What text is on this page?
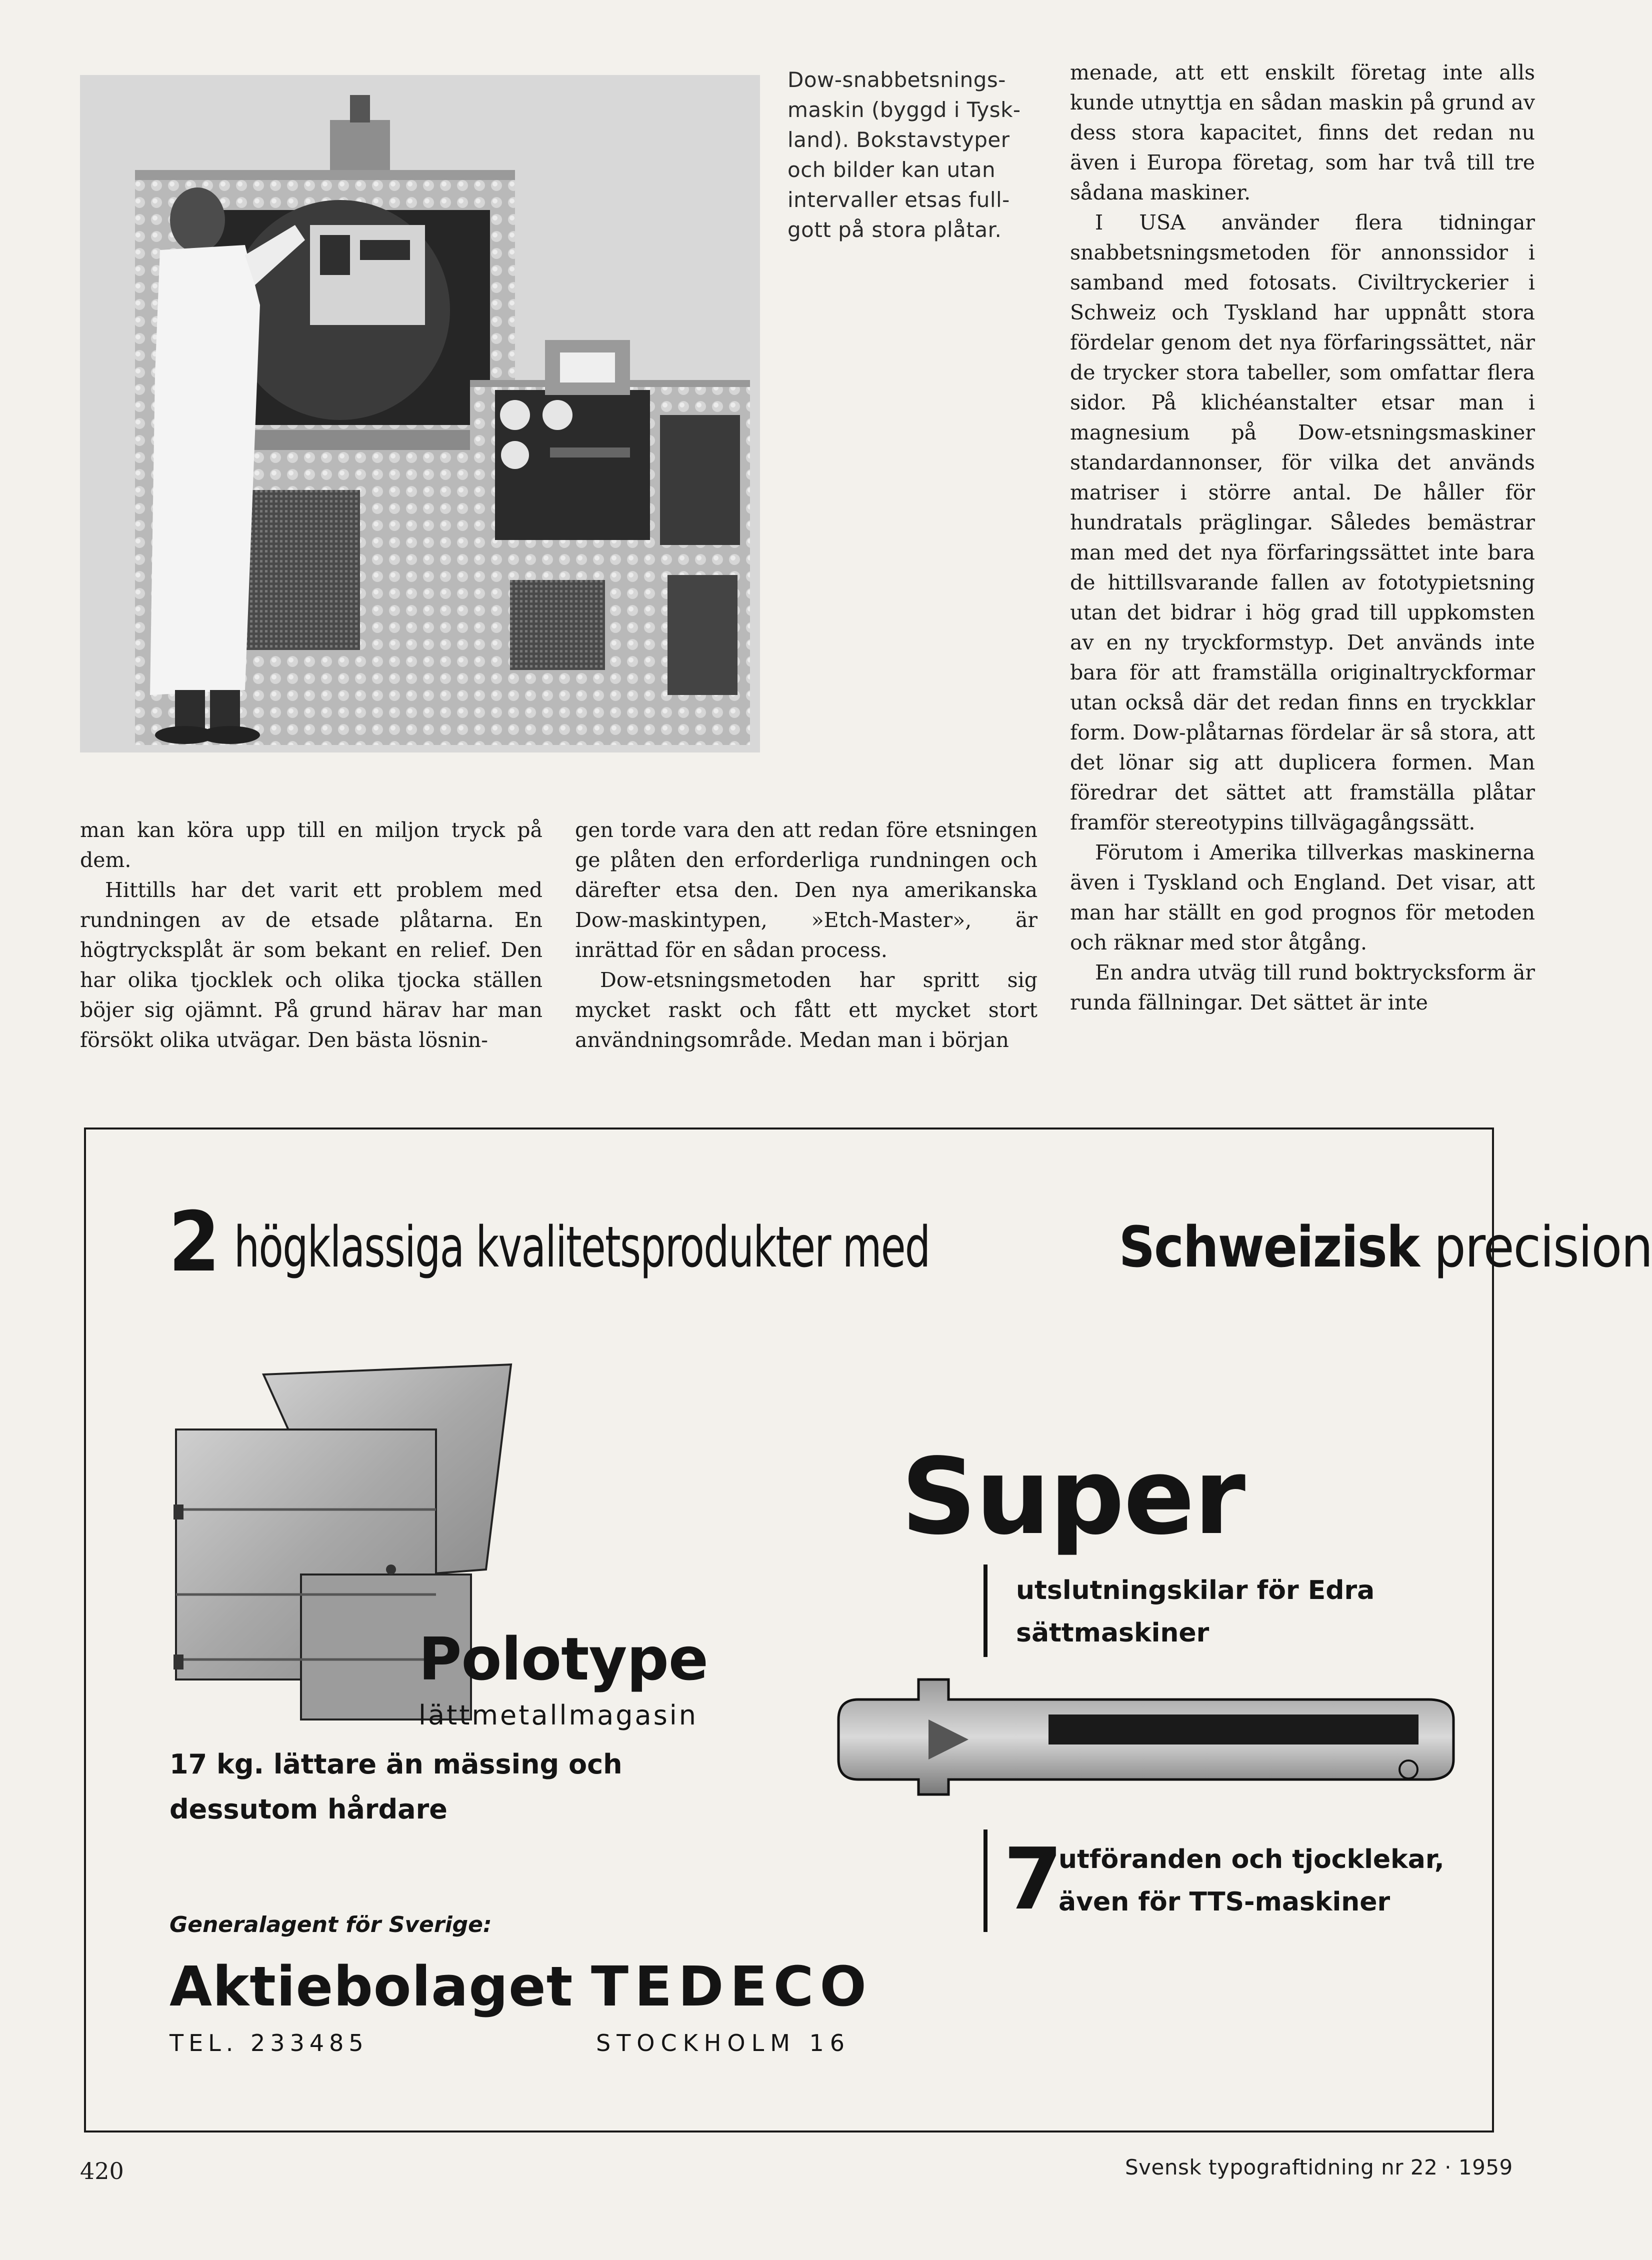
Dow-snabbetsnings-
maskin (byggd i Tysk-
land). Bokstavstyper
och bilder kan utan
intervaller etsas full-
gott på stora plåtar.

menade, att ett enskilt företag inte alls kunde utnyttja en sådan maskin på grund av dess stora kapacitet, finns det redan nu även i Europa företag, som har två till tre sådana maskiner.

I USA använder flera tidningar snabbetsningsmetoden för annonssidor i samband med fotosats. Civiltryckerier i Schweiz och Tyskland har uppnått stora fördelar genom det nya förfaringssättet, när de trycker stora tabeller, som omfattar flera sidor. På klichéanstalter etsar man i magnesium på Dow-etsningsmaskiner standardannonser, för vilka det används matriser i större antal. De håller för hundratals präglingar. Således bemästrar man med det nya förfaringssättet inte bara de hittillsvarande fallen av fototypietsning utan det bidrar i hög grad till uppkomsten av en ny tryckformstyp. Det används inte bara för att framställa originaltryckformar utan också där det redan finns en tryckklar form. Dow-plåtarnas fördelar är så stora, att det lönar sig att duplicera formen. Man föredrar det sättet att framställa plåtar framför stereotypins tillvägagångssätt.

Förutom i Amerika tillverkas maskinerna även i Tyskland och England. Det visar, att man har ställt en god prognos för metoden och räknar med stor åtgång.

En andra utväg till rund boktrycksform är runda fällningar. Det sättet är inte

man kan köra upp till en miljon tryck på dem.

Hittills har det varit ett problem med rundningen av de etsade plåtarna. En högtrycksplåt är som bekant en relief. Den har olika tjocklek och olika tjocka ställen böjer sig ojämnt. På grund härav har man försökt olika utvägar. Den bästa lösnin-

gen torde vara den att redan före etsningen ge plåten den erforderliga rundningen och därefter etsa den. Den nya amerikanska Dow-maskintypen, »Etch-Master», är inrättad för en sådan process.

Dow-etsningsmetoden har spritt sig mycket raskt och fått ett mycket stort användningsområde. Medan man i början

2 högklassiga kvalitetsprodukter med	Schweizisk precision
Polotype
lättmetallmagasin
17 kg. lättare än mässing och dessutom hårdare
Generalagent för Sverige:
Aktiebolaget
TEL. 233485
TEDECO
STOCKHOLM 16
Super
utslutningskilar för Edra sättmaskiner
7
utföranden och tjocklekar, även för TTS-maskiner
420	Svensk typograftidning nr 22 · 1959
